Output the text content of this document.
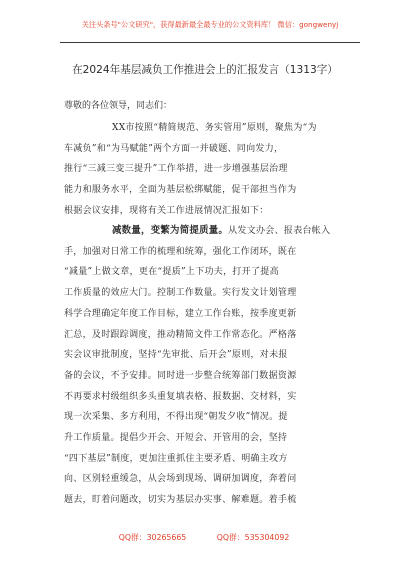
关注头条号"公文研究"，获得最新最全最专业的公文资料库！ 微信：gongwenyj
在2024年基层减负工作推进会上的汇报发言（1313字）
尊敬的各位领导，同志们：
XX市按照“精简规范、务实管用”原则，聚焦为“为
车减负”和“为马赋能”两个方面一并破题、同向发力，
推行“三减三变三提升”工作举措，进一步增强基层治理
能力和服务水平，全面为基层松绑赋能，促干部担当作为
根据会议安排，现将有关工作进展情况汇报如下：
减数量，变繁为简提质量。从发文办会、报表台帐入
手，加强对日常工作的梳理和统筹，强化工作闭环，既在
“减量”上做文章，更在“提质”上下功夫，打开了提高
工作质量的效应大门。控制工作数量。实行发文计划管理
科学合理确定年度工作目标，建立工作台账，按季度更新
汇总，及时跟踪调度，推动精简文件工作常态化。严格落
实会议审批制度，坚持“先审批、后开会”原则，对未报
备的会议，不予安排。同时进一步整合统筹部门数据资源
不再要求村级组织多头重复填表格、报数据、交材料，实
现一次采集、多方利用，不得出现“朝发夕收”情况。提
升工作质量。提倡少开会、开短会、开管用的会，坚持
“四下基层”制度，更加注重抓住主要矛盾、明确主攻方
向、区别轻重缓急，从会场到现场、调研加调度，奔着问
题去，盯着问题改，切实为基层办实事、解难题。着手梳
QQ群：30265665	QQ群：535304092
